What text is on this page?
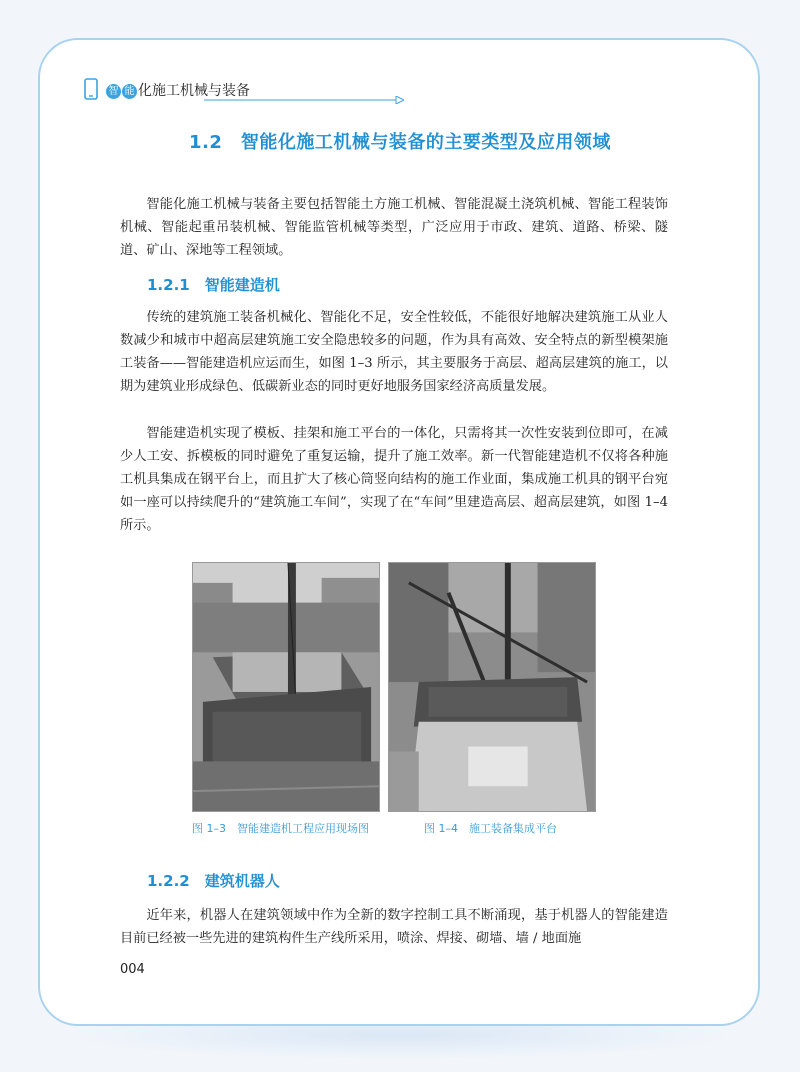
智 能 化施工机械与装备
1.2　智能化施工机械与装备的主要类型及应用领域

智能化施工机械与装备主要包括智能土方施工机械、智能混凝土浇筑机械、智能工程装饰机械、智能起重吊装机械、智能监管机械等类型，广泛应用于市政、建筑、道路、桥梁、隧道、矿山、深地等工程领域。

1.2.1　智能建造机

传统的建筑施工装备机械化、智能化不足，安全性较低，不能很好地解决建筑施工从业人数减少和城市中超高层建筑施工安全隐患较多的问题，作为具有高效、安全特点的新型模架施工装备——智能建造机应运而生，如图 1–3 所示，其主要服务于高层、超高层建筑的施工，以期为建筑业形成绿色、低碳新业态的同时更好地服务国家经济高质量发展。

智能建造机实现了模板、挂架和施工平台的一体化，只需将其一次性安装到位即可，在减少人工安、拆模板的同时避免了重复运输，提升了施工效率。新一代智能建造机不仅将各种施工机具集成在钢平台上，而且扩大了核心筒竖向结构的施工作业面，集成施工机具的钢平台宛如一座可以持续爬升的“建筑施工车间”，实现了在“车间”里建造高层、超高层建筑，如图 1–4 所示。

图 1–3　智能建造机工程应用现场图	图 1–4　施工装备集成平台
1.2.2　建筑机器人

近年来，机器人在建筑领域中作为全新的数字控制工具不断涌现，基于机器人的智能建造目前已经被一些先进的建筑构件生产线所采用，喷涂、焊接、砌墙、墙 / 地面施

004
